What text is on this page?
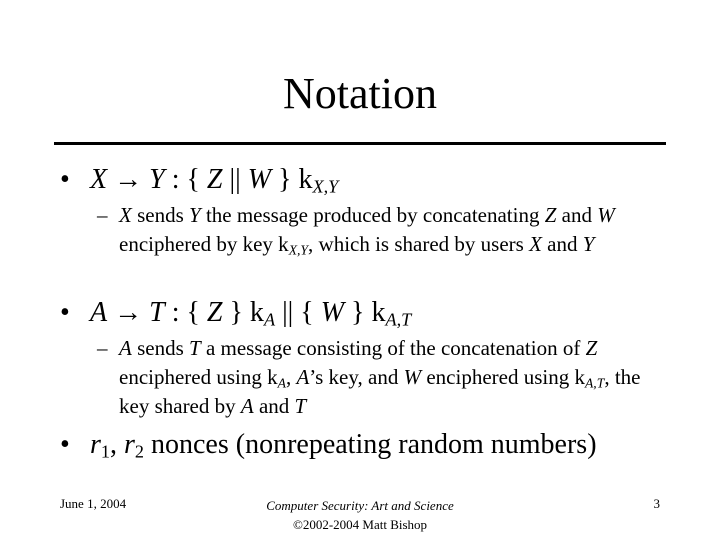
Notation
• X → Y : { Z || W } $k_{X,Y}$
– X sends Y the message produced by concatenating Z and W enciphered by key $k_{X,Y}$, which is shared by users X and Y
• A → T : { Z } $k_A$ || { W } $k_{A,T}$
– A sends T a message consisting of the concatenation of Z enciphered using $k_A$, A’s key, and W enciphered using $k_{A,T}$, the key shared by A and T
• $r_1$, $r_2$ nonces (nonrepeating random numbers)
June 1, 2004	Computer Security: Art and Science
©2002-2004 Matt Bishop
3
